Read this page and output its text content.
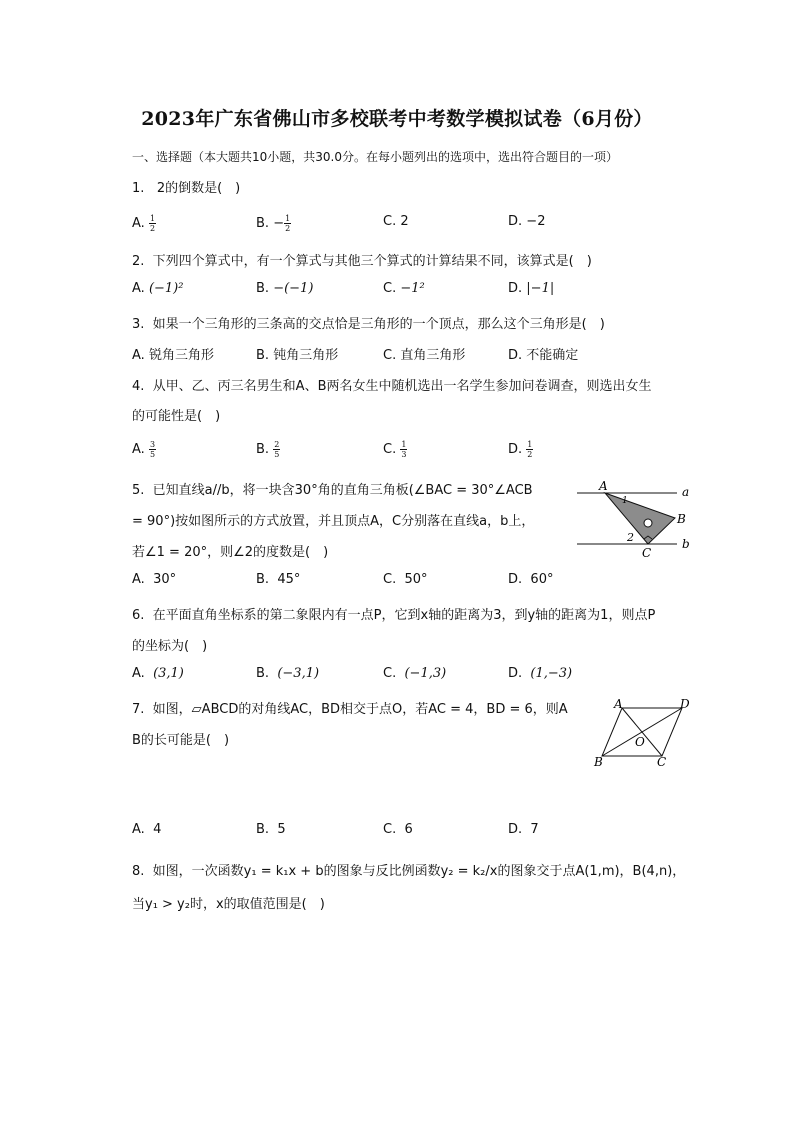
2023年广东省佛山市多校联考中考数学模拟试卷（6月份）
一、选择题（本大题共10小题，共30.0分。在每小题列出的选项中，选出符合题目的一项）
1. 2的倒数是(　)
A. $\frac{1}{2}$	B. − $\frac{1}{2}$	C. 2	D. −2
2. 下列四个算式中，有一个算式与其他三个算式的计算结果不同，该算式是(　)
A. (−1)²	B. −(−1)	C. −1²	D. |−1|
3. 如果一个三角形的三条高的交点恰是三角形的一个顶点，那么这个三角形是(　)
A. 锐角三角形	B. 钝角三角形	C. 直角三角形	D. 不能确定
4. 从甲、乙、丙三名男生和A、B两名女生中随机选出一名学生参加问卷调查，则选出女生
的可能性是(　)
A. $\frac{3}{5}$	B. $\frac{2}{5}$	C. $\frac{1}{3}$	D. $\frac{1}{2}$
5. 已知直线a//b，将一块含30°角的直角三角板(∠BAC = 30°∠ACB
= 90°)按如图所示的方式放置，并且顶点A，C分别落在直线a，b上，
若∠1 = 20°，则∠2的度数是(　)
A
B
C
a
b
1
2
A. 30°	B. 45°	C. 50°	D. 60°
6. 在平面直角坐标系的第二象限内有一点P，它到x轴的距离为3，到y轴的距离为1，则点P
的坐标为(　)
A. (3,1)	B. (−3,1)	C. (−1,3)	D. (1,−3)
7. 如图，▱ABCD的对角线AC，BD相交于点O，若AC = 4，BD = 6，则A
B的长可能是(　)
A
B	C
D
O
A. 4	B. 5	C. 6	D. 7
8. 如图，一次函数y₁ = k₁x + b的图象与反比例函数y₂ = k₂/x的图象交于点A(1,m)，B(4,n)，
当y₁ > y₂时，x的取值范围是(　)
